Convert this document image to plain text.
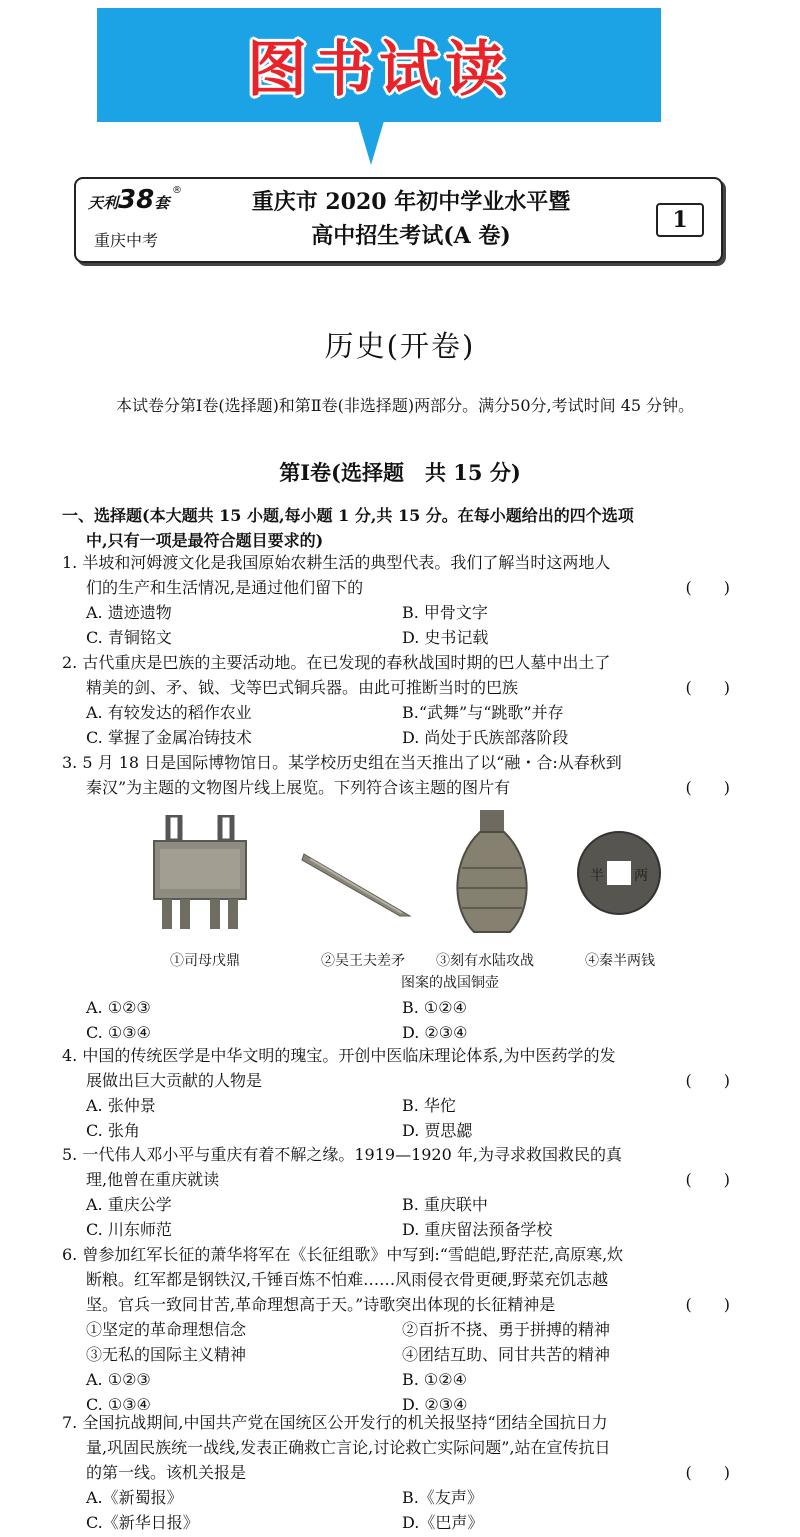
图书试读
天利38套
®
重庆中考
重庆市 2020 年初中学业水平暨
高中招生考试(A 卷)
1
历史(开卷)
本试卷分第Ⅰ卷(选择题)和第Ⅱ卷(非选择题)两部分。满分50分,考试时间 45 分钟。
第Ⅰ卷(选择题　共 15 分)
一、选择题(本大题共 15 小题,每小题 1 分,共 15 分。在每小题给出的四个选项
中,只有一项是最符合题目要求的)
1. 半坡和河姆渡文化是我国原始农耕生活的典型代表。我们了解当时这两地人
们的生产和生活情况,是通过他们留下的	(　　)
A. 遗迹遗物	B. 甲骨文字
C. 青铜铭文	D. 史书记载
2. 古代重庆是巴族的主要活动地。在已发现的春秋战国时期的巴人墓中出土了
精美的剑、矛、钺、戈等巴式铜兵器。由此可推断当时的巴族	(　　)
A. 有较发达的稻作农业	B.“武舞”与“跳歌”并存
C. 掌握了金属冶铸技术	D. 尚处于氏族部落阶段
3. 5 月 18 日是国际博物馆日。某学校历史组在当天推出了以“融・合:从春秋到
秦汉”为主题的文物图片线上展览。下列符合该主题的图片有	(　　)
半 两
①司母戊鼎	②吴王夫差矛	③刻有水陆攻战
图案的战国铜壶
④秦半两钱
A. ①②③	B. ①②④
C. ①③④	D. ②③④
4. 中国的传统医学是中华文明的瑰宝。开创中医临床理论体系,为中医药学的发
展做出巨大贡献的人物是	(　　)
A. 张仲景	B. 华佗
C. 张角	D. 贾思勰
5. 一代伟人邓小平与重庆有着不解之缘。1919—1920 年,为寻求救国救民的真
理,他曾在重庆就读	(　　)
A. 重庆公学	B. 重庆联中
C. 川东师范	D. 重庆留法预备学校
6. 曾参加红军长征的萧华将军在《长征组歌》中写到:“雪皑皑,野茫茫,高原寒,炊
断粮。红军都是钢铁汉,千锤百炼不怕难……风雨侵衣骨更硬,野菜充饥志越
坚。官兵一致同甘苦,革命理想高于天。”诗歌突出体现的长征精神是	(　　)
①坚定的革命理想信念	②百折不挠、勇于拼搏的精神
③无私的国际主义精神	④团结互助、同甘共苦的精神
A. ①②③	B. ①②④
C. ①③④	D. ②③④
7. 全国抗战期间,中国共产党在国统区公开发行的机关报坚持“团结全国抗日力
量,巩固民族统一战线,发表正确救亡言论,讨论救亡实际问题”,站在宣传抗日
的第一线。该机关报是	(　　)
A.《新蜀报》	B.《友声》
C.《新华日报》	D.《巴声》
